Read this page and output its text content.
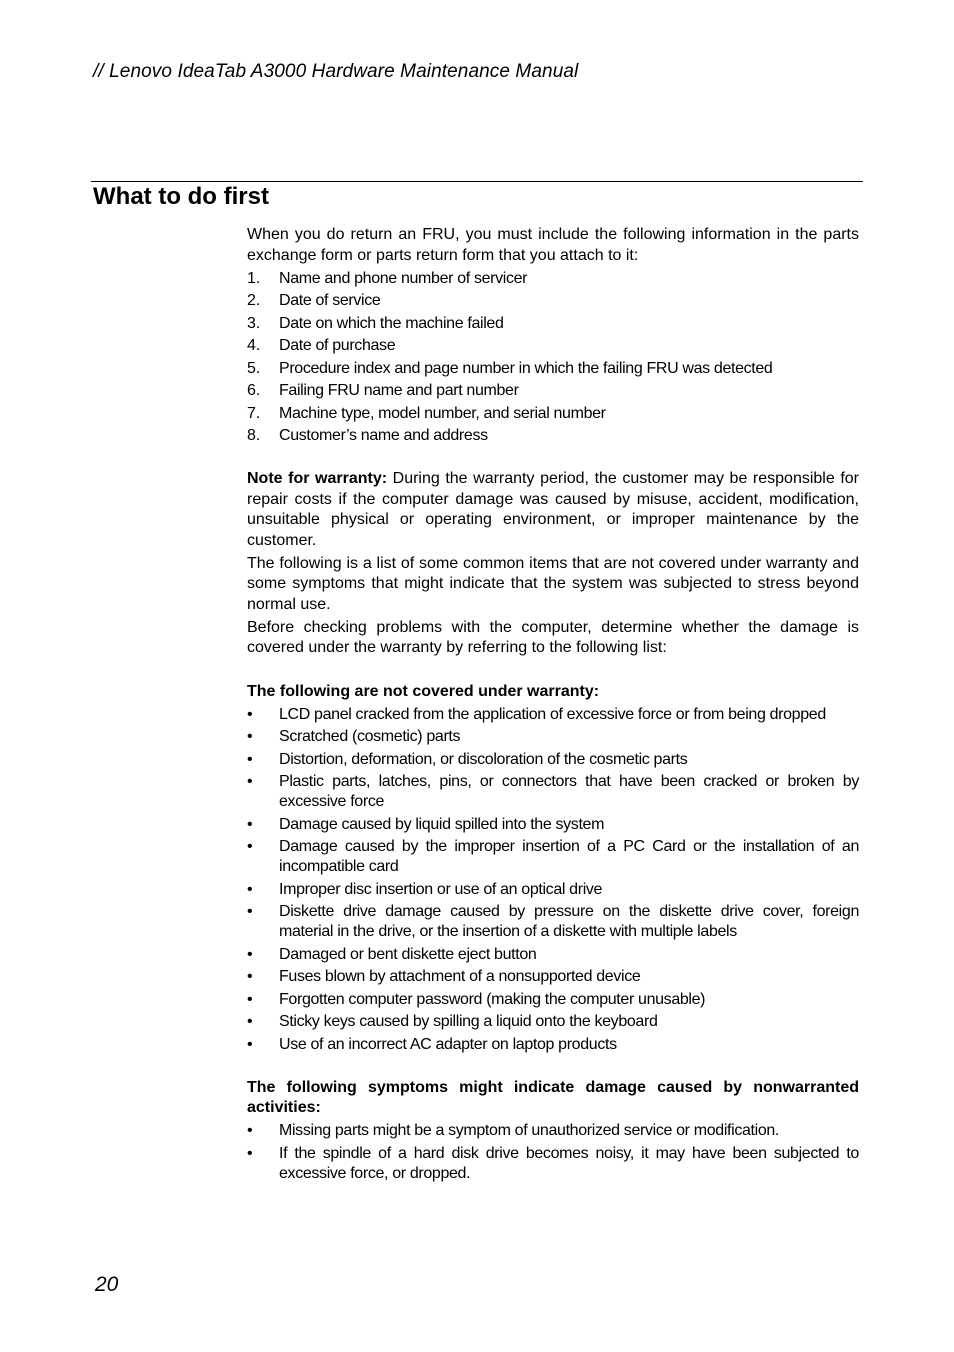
// Lenovo IdeaTab A3000 Hardware Maintenance Manual
What to do first

When you do return an FRU, you must include the following information in the parts exchange form or parts return form that you attach to it:

1. Name and phone number of servicer
2. Date of service
3. Date on which the machine failed
4. Date of purchase
5. Procedure index and page number in which the failing FRU was detected
6. Failing FRU name and part number
7. Machine type, model number, and serial number
8. Customer’s name and address

Note for warranty: During the warranty period, the customer may be responsible for repair costs if the computer damage was caused by misuse, accident, modification, unsuitable physical or operating environment, or improper maintenance by the customer.

The following is a list of some common items that are not covered under warranty and some symptoms that might indicate that the system was subjected to stress beyond normal use.

Before checking problems with the computer, determine whether the damage is covered under the warranty by referring to the following list:

The following are not covered under warranty:
• LCD panel cracked from the application of excessive force or from being dropped
• Scratched (cosmetic) parts
• Distortion, deformation, or discoloration of the cosmetic parts
• Plastic parts, latches, pins, or connectors that have been cracked or broken by excessive force
• Damage caused by liquid spilled into the system
• Damage caused by the improper insertion of a PC Card or the installation of an incompatible card
• Improper disc insertion or use of an optical drive
• Diskette drive damage caused by pressure on the diskette drive cover, foreign material in the drive, or the insertion of a diskette with multiple labels
• Damaged or bent diskette eject button
• Fuses blown by attachment of a nonsupported device
• Forgotten computer password (making the computer unusable)
• Sticky keys caused by spilling a liquid onto the keyboard
• Use of an incorrect AC adapter on laptop products
The following symptoms might indicate damage caused by nonwarranted activities:
• Missing parts might be a symptom of unauthorized service or modification.
• If the spindle of a hard disk drive becomes noisy, it may have been subjected to excessive force, or dropped.
20
